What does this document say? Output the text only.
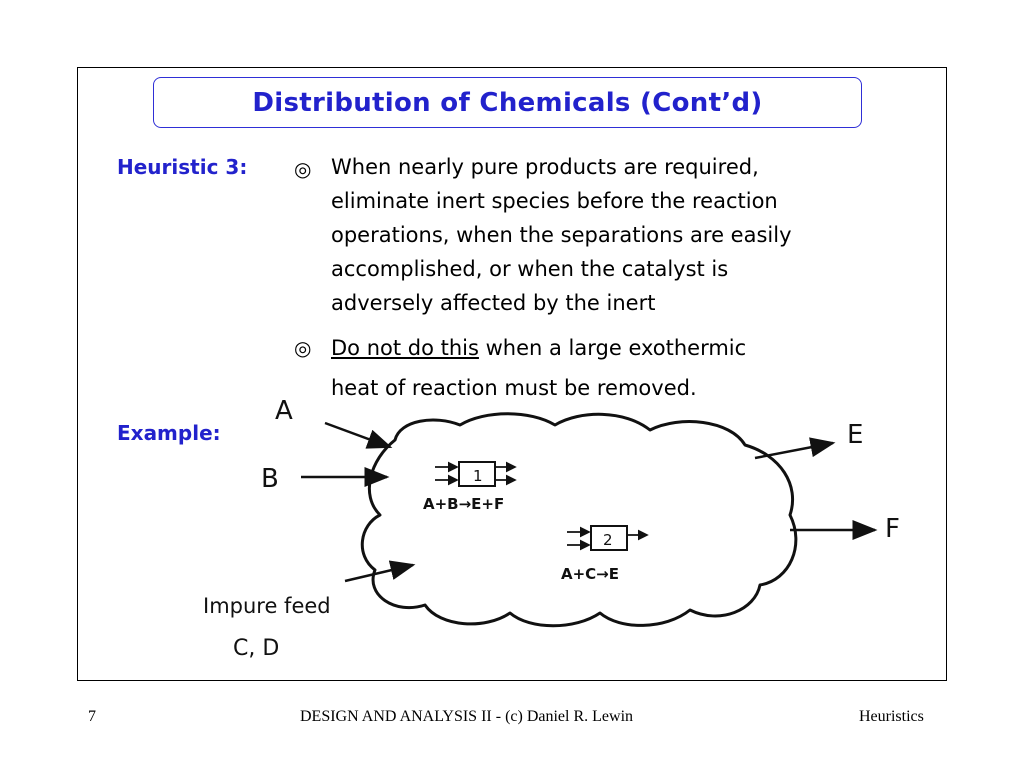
Distribution of Chemicals (Cont’d)
Heuristic 3: ◎ When nearly pure products are required,
eliminate inert species before the reaction
operations, when the separations are easily
accomplished, or when the catalyst is
adversely affected by the inert
◎ Do not do this when a large exothermic
heat of reaction must be removed.
Example:
A
B
Impure feed
C, D
E
F
1
A+B→E+F
2
A+C→E
7	DESIGN AND ANALYSIS II - (c) Daniel R. Lewin	Heuristics
